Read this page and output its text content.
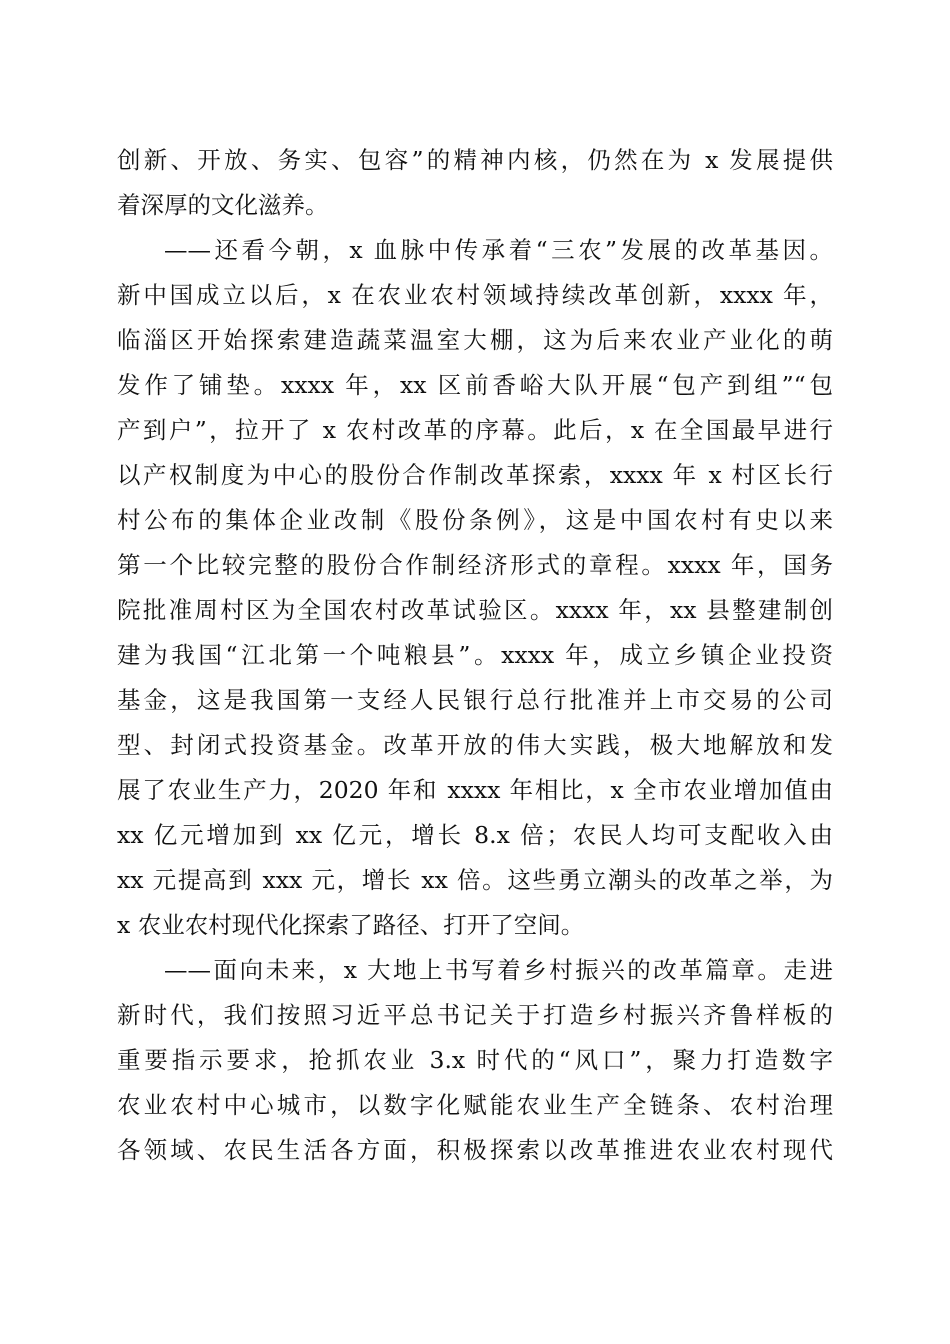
创新、开放、务实、包容”的精神内核，仍然在为 x 发展提供
着深厚的文化滋养。
——还看今朝，x 血脉中传承着“三农”发展的改革基因。
新中国成立以后，x 在农业农村领域持续改革创新，xxxx 年，
临淄区开始探索建造蔬菜温室大棚，这为后来农业产业化的萌
发作了铺垫。xxxx 年，xx 区前香峪大队开展“包产到组”“包
产到户”，拉开了 x 农村改革的序幕。此后，x 在全国最早进行
以产权制度为中心的股份合作制改革探索，xxxx 年 x 村区长行
村公布的集体企业改制《股份条例》，这是中国农村有史以来
第一个比较完整的股份合作制经济形式的章程。xxxx 年，国务
院批准周村区为全国农村改革试验区。xxxx 年，xx 县整建制创
建为我国“江北第一个吨粮县”。xxxx 年，成立乡镇企业投资
基金，这是我国第一支经人民银行总行批准并上市交易的公司
型、封闭式投资基金。改革开放的伟大实践，极大地解放和发
展了农业生产力，2020 年和 xxxx 年相比，x 全市农业增加值由
xx 亿元增加到 xx 亿元，增长 8.x 倍；农民人均可支配收入由
xx 元提高到 xxx 元，增长 xx 倍。这些勇立潮头的改革之举，为
x 农业农村现代化探索了路径、打开了空间。
——面向未来，x 大地上书写着乡村振兴的改革篇章。走进
新时代，我们按照习近平总书记关于打造乡村振兴齐鲁样板的
重要指示要求，抢抓农业 3.x 时代的“风口”，聚力打造数字
农业农村中心城市，以数字化赋能农业生产全链条、农村治理
各领域、农民生活各方面，积极探索以改革推进农业农村现代
